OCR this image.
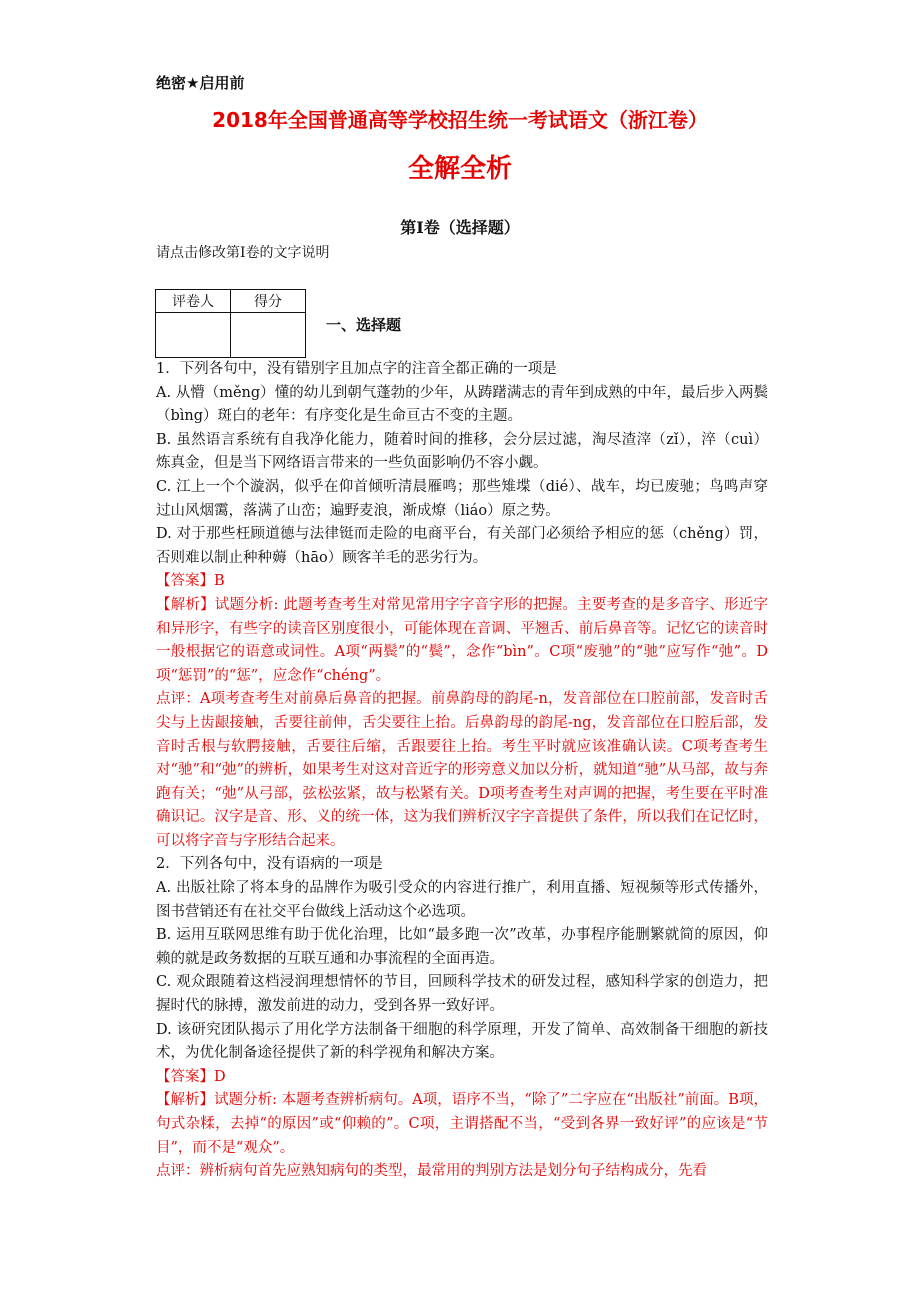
绝密★启用前
2018年全国普通高等学校招生统一考试语文（浙江卷）
全解全析
第Ⅰ卷（选择题）
请点击修改第I卷的文字说明
评卷人	得分

一、选择题

1．下列各句中，没有错别字且加点字的注音全都正确的一项是

A. 从懵（měng）懂的幼儿到朝气蓬勃的少年，从踌躇满志的青年到成熟的中年，最后步入两鬓（bìng）斑白的老年：有序变化是生命亘古不变的主题。

B. 虽然语言系统有自我净化能力，随着时间的推移，会分层过滤，淘尽渣滓（zǐ），淬（cuì）炼真金，但是当下网络语言带来的一些负面影响仍不容小觑。

C. 江上一个个漩涡，似乎在仰首倾听清晨雁鸣；那些雉堞（dié）、战车，均已废驰；鸟鸣声穿过山风烟霭，落满了山峦；遍野麦浪，渐成燎（liáo）原之势。

D. 对于那些枉顾道德与法律铤而走险的电商平台，有关部门必须给予相应的惩（chěng）罚，否则难以制止种种薅（hāo）顾客羊毛的恶劣行为。

【答案】B

【解析】试题分析: 此题考查考生对常见常用字字音字形的把握。主要考查的是多音字、形近字和异形字，有些字的读音区别度很小，可能体现在音调、平翘舌、前后鼻音等。记忆它的读音时一般根据它的语意或词性。A项“两鬓”的“鬓”，念作“bìn”。C项“废驰”的“驰”应写作“弛”。D项“惩罚”的“惩”，应念作“chéng”。

点评：A项考查考生对前鼻后鼻音的把握。前鼻韵母的韵尾-n，发音部位在口腔前部，发音时舌尖与上齿龈接触，舌要往前伸，舌尖要往上抬。后鼻韵母的韵尾-ng，发音部位在口腔后部，发音时舌根与软腭接触，舌要往后缩，舌跟要往上抬。考生平时就应该准确认读。C项考查考生对“驰”和“弛”的辨析，如果考生对这对音近字的形旁意义加以分析，就知道“驰”从马部，故与奔跑有关；“弛”从弓部，弦松弦紧，故与松紧有关。D项考查考生对声调的把握，考生要在平时准确识记。汉字是音、形、义的统一体，这为我们辨析汉字字音提供了条件，所以我们在记忆时，可以将字音与字形结合起来。

2．下列各句中，没有语病的一项是

A. 出版社除了将本身的品牌作为吸引受众的内容进行推广，利用直播、短视频等形式传播外，图书营销还有在社交平台做线上活动这个必选项。

B. 运用互联网思维有助于优化治理，比如“最多跑一次”改革，办事程序能删繁就简的原因，仰赖的就是政务数据的互联互通和办事流程的全面再造。

C. 观众跟随着这档浸润理想情怀的节目，回顾科学技术的研发过程，感知科学家的创造力，把握时代的脉搏，激发前进的动力，受到各界一致好评。

D. 该研究团队揭示了用化学方法制备干细胞的科学原理，开发了简单、高效制备干细胞的新技术，为优化制备途径提供了新的科学视角和解决方案。

【答案】D

【解析】试题分析: 本题考查辨析病句。A项，语序不当，“除了”二字应在“出版社”前面。B项，句式杂糅，去掉“的原因”或“仰赖的”。C项，主谓搭配不当，“受到各界一致好评”的应该是“节目”，而不是“观众”。

点评：辨析病句首先应熟知病句的类型，最常用的判别方法是划分句子结构成分，先看
